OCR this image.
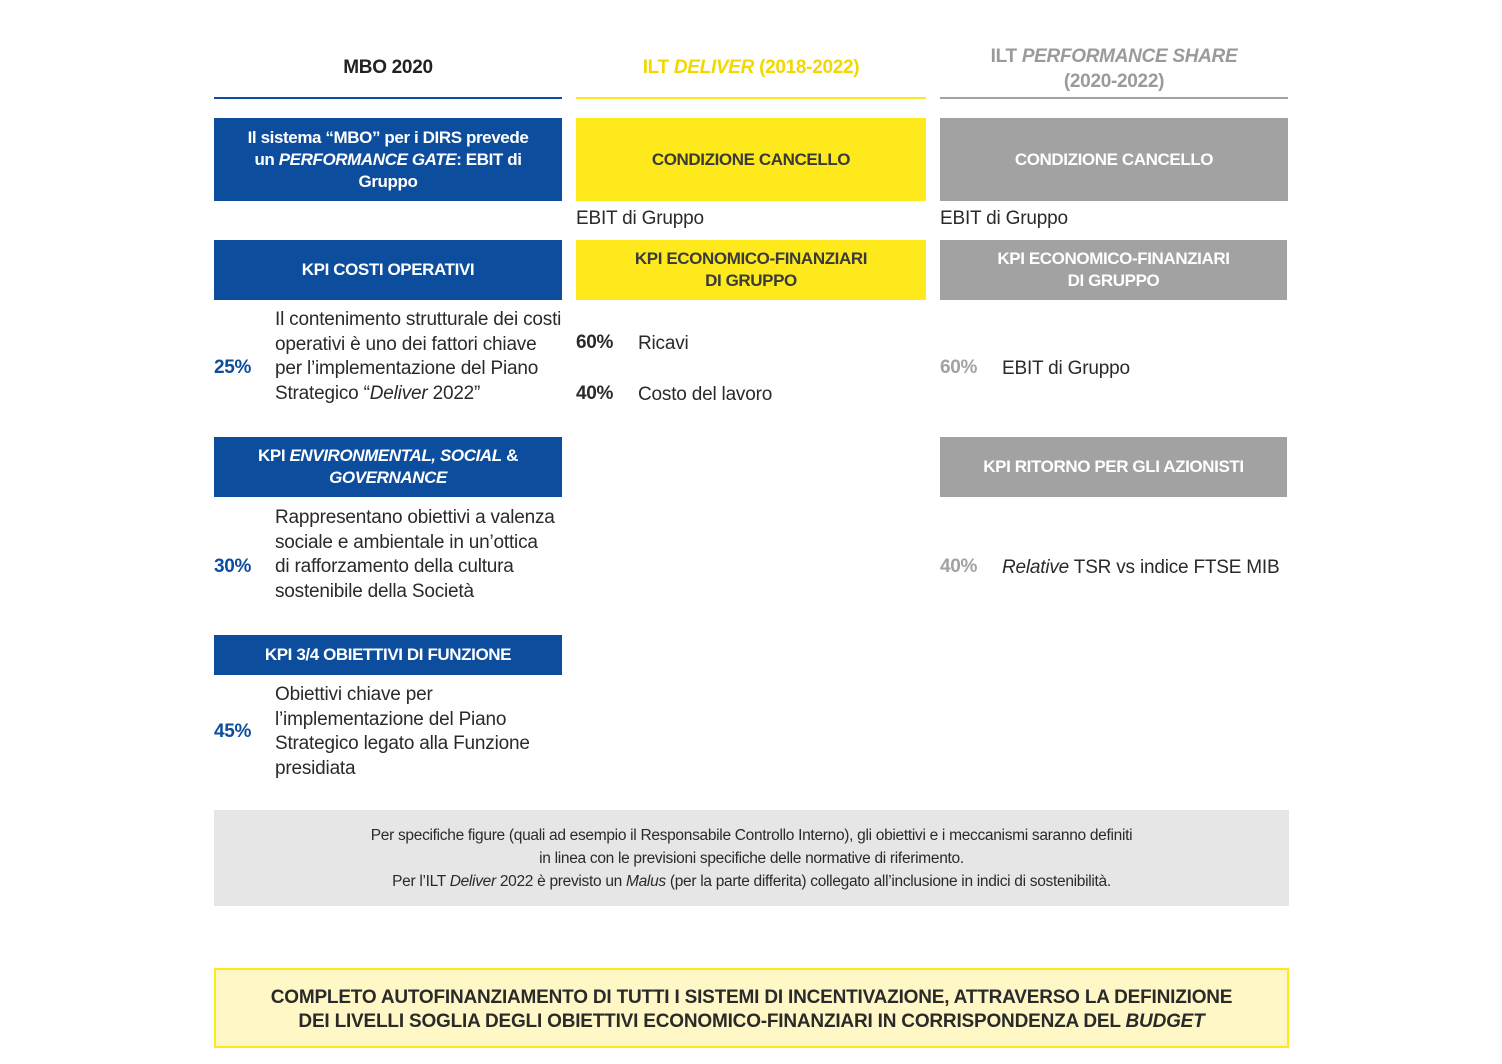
MBO 2020	ILT DELIVER (2018-2022)
ILT PERFORMANCE SHARE
(2020-2022)
Il sistema “MBO” per i DIRS prevede
un PERFORMANCE GATE: EBIT di
Gruppo
KPI COSTI OPERATIVI
25%
Il contenimento strutturale dei costi operativi è uno dei fattori chiave per l’implementazione del Piano Strategico “Deliver 2022”
KPI ENVIRONMENTAL, SOCIAL &
GOVERNANCE
30%
Rappresentano obiettivi a valenza sociale e ambientale in un’ottica di rafforzamento della cultura sostenibile della Società
KPI 3/4 OBIETTIVI DI FUNZIONE
45%
Obiettivi chiave per l’implementazione del Piano Strategico legato alla Funzione presidiata
CONDIZIONE CANCELLO
EBIT di Gruppo
KPI ECONOMICO-FINANZIARI
DI GRUPPO
60% Ricavi
40% Costo del lavoro
CONDIZIONE CANCELLO
EBIT di Gruppo
KPI ECONOMICO-FINANZIARI
DI GRUPPO
60% EBIT di Gruppo
KPI RITORNO PER GLI AZIONISTI
40% Relative TSR vs indice FTSE MIB
Per specifiche figure (quali ad esempio il Responsabile Controllo Interno), gli obiettivi e i meccanismi saranno definiti
in linea con le previsioni specifiche delle normative di riferimento.
Per l’ILT Deliver 2022 è previsto un Malus (per la parte differita) collegato all’inclusione in indici di sostenibilità.
COMPLETO AUTOFINANZIAMENTO DI TUTTI I SISTEMI DI INCENTIVAZIONE, ATTRAVERSO LA DEFINIZIONE
DEI LIVELLI SOGLIA DEGLI OBIETTIVI ECONOMICO-FINANZIARI IN CORRISPONDENZA DEL BUDGET
